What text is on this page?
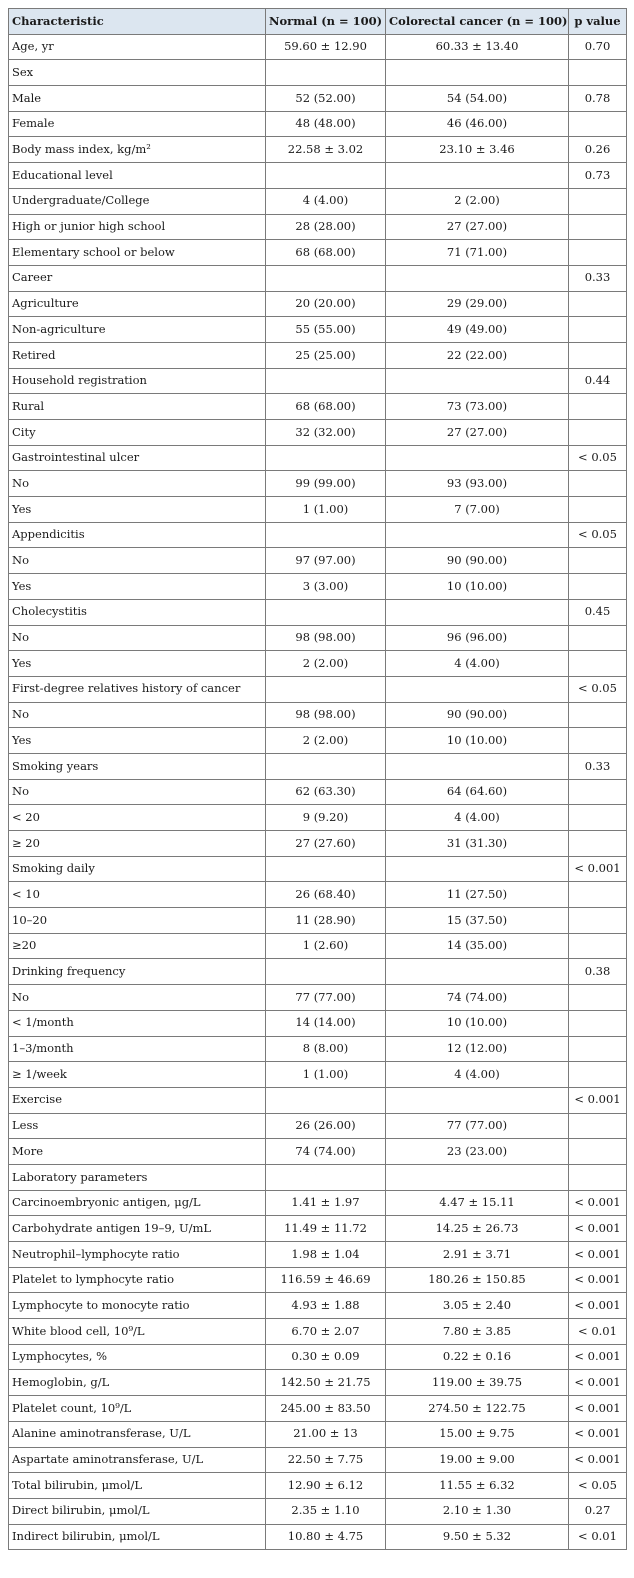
Characteristic	Normal (n = 100)	Colorectal cancer (n = 100)	p value
Age, yr	59.60 ± 12.90	60.33 ± 13.40	0.70
Sex			
Male	52 (52.00)	54 (54.00)	0.78
Female	48 (48.00)	46 (46.00)	
Body mass index, kg/m²	22.58 ± 3.02	23.10 ± 3.46	0.26
Educational level			0.73
Undergraduate/College	4 (4.00)	2 (2.00)	
High or junior high school	28 (28.00)	27 (27.00)	
Elementary school or below	68 (68.00)	71 (71.00)	
Career			0.33
Agriculture	20 (20.00)	29 (29.00)	
Non-agriculture	55 (55.00)	49 (49.00)	
Retired	25 (25.00)	22 (22.00)	
Household registration			0.44
Rural	68 (68.00)	73 (73.00)	
City	32 (32.00)	27 (27.00)	
Gastrointestinal ulcer			< 0.05
No	99 (99.00)	93 (93.00)	
Yes	1 (1.00)	7 (7.00)	
Appendicitis			< 0.05
No	97 (97.00)	90 (90.00)	
Yes	3 (3.00)	10 (10.00)	
Cholecystitis			0.45
No	98 (98.00)	96 (96.00)	
Yes	2 (2.00)	4 (4.00)	
First-degree relatives history of cancer			< 0.05
No	98 (98.00)	90 (90.00)	
Yes	2 (2.00)	10 (10.00)	
Smoking years			0.33
No	62 (63.30)	64 (64.60)	
< 20	9 (9.20)	4 (4.00)	
≥ 20	27 (27.60)	31 (31.30)	
Smoking daily			< 0.001
< 10	26 (68.40)	11 (27.50)	
10–20	11 (28.90)	15 (37.50)	
≥20	1 (2.60)	14 (35.00)	
Drinking frequency			0.38
No	77 (77.00)	74 (74.00)	
< 1/month	14 (14.00)	10 (10.00)	
1–3/month	8 (8.00)	12 (12.00)	
≥ 1/week	1 (1.00)	4 (4.00)	
Exercise			< 0.001
Less	26 (26.00)	77 (77.00)	
More	74 (74.00)	23 (23.00)	
Laboratory parameters			
Carcinoembryonic antigen, μg/L	1.41 ± 1.97	4.47 ± 15.11	< 0.001
Carbohydrate antigen 19–9, U/mL	11.49 ± 11.72	14.25 ± 26.73	< 0.001
Neutrophil–lymphocyte ratio	1.98 ± 1.04	2.91 ± 3.71	< 0.001
Platelet to lymphocyte ratio	116.59 ± 46.69	180.26 ± 150.85	< 0.001
Lymphocyte to monocyte ratio	4.93 ± 1.88	3.05 ± 2.40	< 0.001
White blood cell, 10⁹/L	6.70 ± 2.07	7.80 ± 3.85	< 0.01
Lymphocytes, %	0.30 ± 0.09	0.22 ± 0.16	< 0.001
Hemoglobin, g/L	142.50 ± 21.75	119.00 ± 39.75	< 0.001
Platelet count, 10⁹/L	245.00 ± 83.50	274.50 ± 122.75	< 0.001
Alanine aminotransferase, U/L	21.00 ± 13	15.00 ± 9.75	< 0.001
Aspartate aminotransferase, U/L	22.50 ± 7.75	19.00 ± 9.00	< 0.001
Total bilirubin, μmol/L	12.90 ± 6.12	11.55 ± 6.32	< 0.05
Direct bilirubin, μmol/L	2.35 ± 1.10	2.10 ± 1.30	0.27
Indirect bilirubin, μmol/L	10.80 ± 4.75	9.50 ± 5.32	< 0.01
